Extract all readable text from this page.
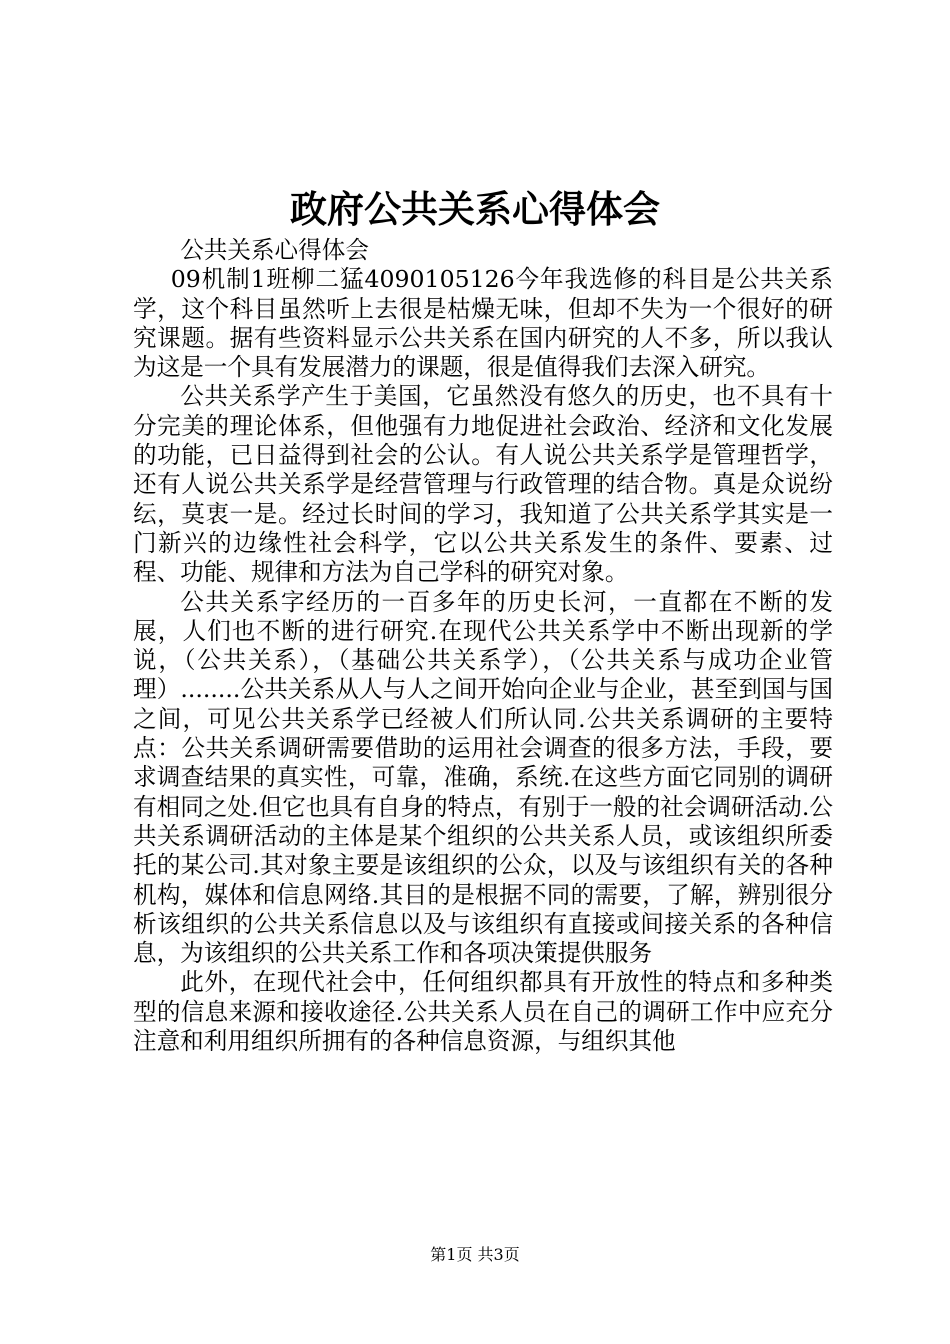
政府公共关系心得体会

公共关系心得体会

09机制1班柳二猛4090105126今年我选修的科目是公共关系学，这个科目虽然听上去很是枯燥无味，但却不失为一个很好的研究课题。据有些资料显示公共关系在国内研究的人不多，所以我认为这是一个具有发展潜力的课题，很是值得我们去深入研究。

公共关系学产生于美国，它虽然没有悠久的历史，也不具有十分完美的理论体系，但他强有力地促进社会政治、经济和文化发展的功能，已日益得到社会的公认。有人说公共关系学是管理哲学，还有人说公共关系学是经营管理与行政管理的结合物。真是众说纷纭，莫衷一是。经过长时间的学习，我知道了公共关系学其实是一门新兴的边缘性社会科学，它以公共关系发生的条件、要素、过程、功能、规律和方法为自己学科的研究对象。

公共关系字经历的一百多年的历史长河，一直都在不断的发展，人们也不断的进行研究.在现代公共关系学中不断出现新的学说，（公共关系），（基础公共关系学），（公共关系与成功企业管理）........公共关系从人与人之间开始向企业与企业，甚至到国与国之间，可见公共关系学已经被人们所认同.公共关系调研的主要特点：公共关系调研需要借助的运用社会调查的很多方法，手段，要求调查结果的真实性，可靠，准确，系统.在这些方面它同别的调研有相同之处.但它也具有自身的特点，有别于一般的社会调研活动.公共关系调研活动的主体是某个组织的公共关系人员，或该组织所委托的某公司.其对象主要是该组织的公众，以及与该组织有关的各种机构，媒体和信息网络.其目的是根据不同的需要，了解，辨别很分析该组织的公共关系信息以及与该组织有直接或间接关系的各种信息，为该组织的公共关系工作和各项决策提供服务

此外，在现代社会中，任何组织都具有开放性的特点和多种类型的信息来源和接收途径.公共关系人员在自己的调研工作中应充分注意和利用组织所拥有的各种信息资源，与组织其他

第1页 共3页
